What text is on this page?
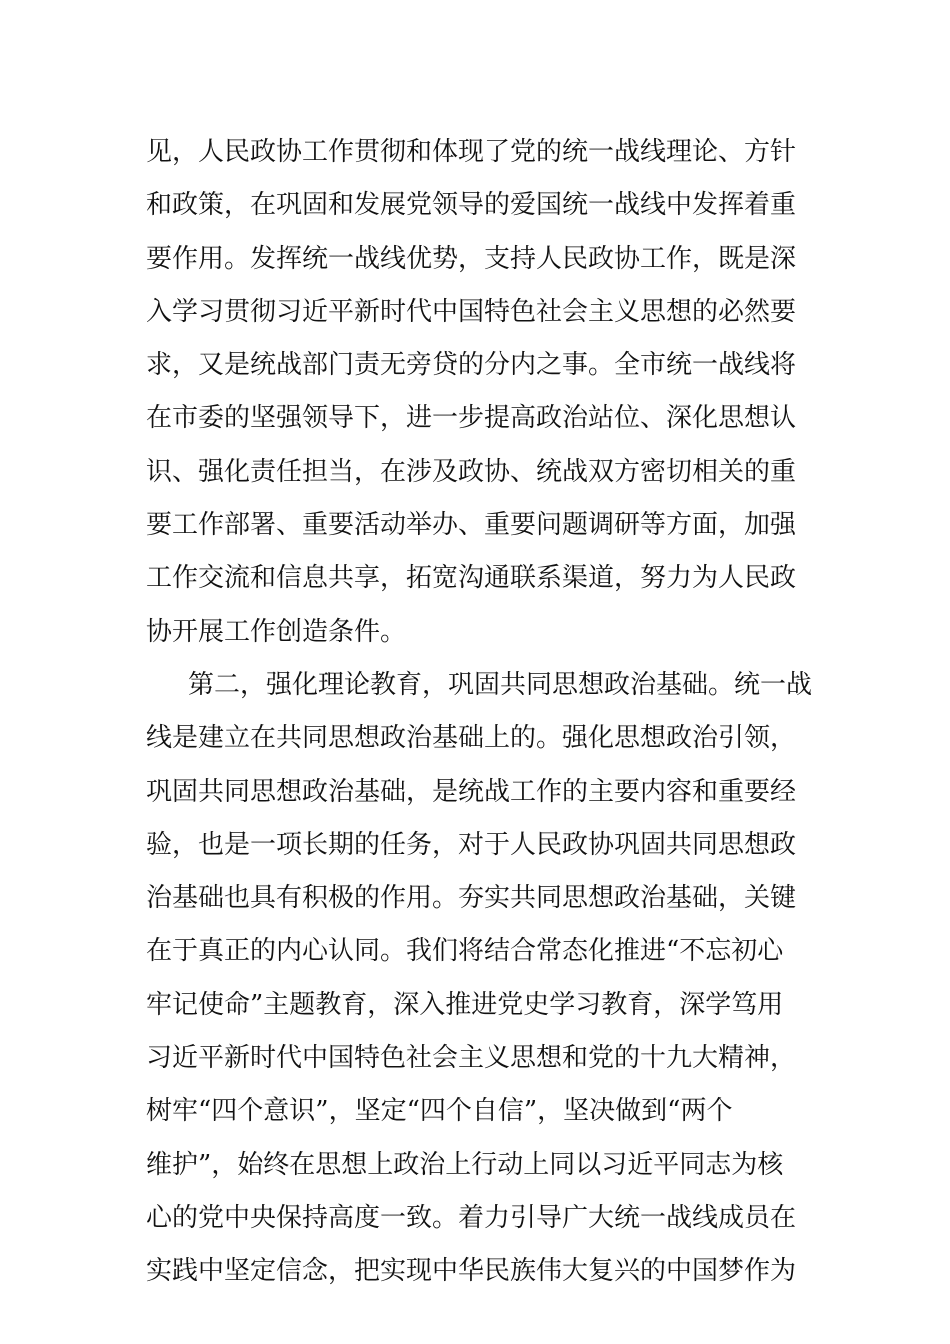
见，人民政协工作贯彻和体现了党的统一战线理论、方针
和政策，在巩固和发展党领导的爱国统一战线中发挥着重
要作用。发挥统一战线优势，支持人民政协工作，既是深
入学习贯彻习近平新时代中国特色社会主义思想的必然要
求，又是统战部门责无旁贷的分内之事。全市统一战线将
在市委的坚强领导下，进一步提高政治站位、深化思想认
识、强化责任担当，在涉及政协、统战双方密切相关的重
要工作部署、重要活动举办、重要问题调研等方面，加强
工作交流和信息共享，拓宽沟通联系渠道，努力为人民政
协开展工作创造条件。
第二，强化理论教育，巩固共同思想政治基础。统一战
线是建立在共同思想政治基础上的。强化思想政治引领，
巩固共同思想政治基础，是统战工作的主要内容和重要经
验，也是一项长期的任务，对于人民政协巩固共同思想政
治基础也具有积极的作用。夯实共同思想政治基础，关键
在于真正的内心认同。我们将结合常态化推进“不忘初心
牢记使命”主题教育，深入推进党史学习教育，深学笃用
习近平新时代中国特色社会主义思想和党的十九大精神，
树牢“四个意识”，坚定“四个自信”，坚决做到“两个
维护”，始终在思想上政治上行动上同以习近平同志为核
心的党中央保持高度一致。着力引导广大统一战线成员在
实践中坚定信念，把实现中华民族伟大复兴的中国梦作为
